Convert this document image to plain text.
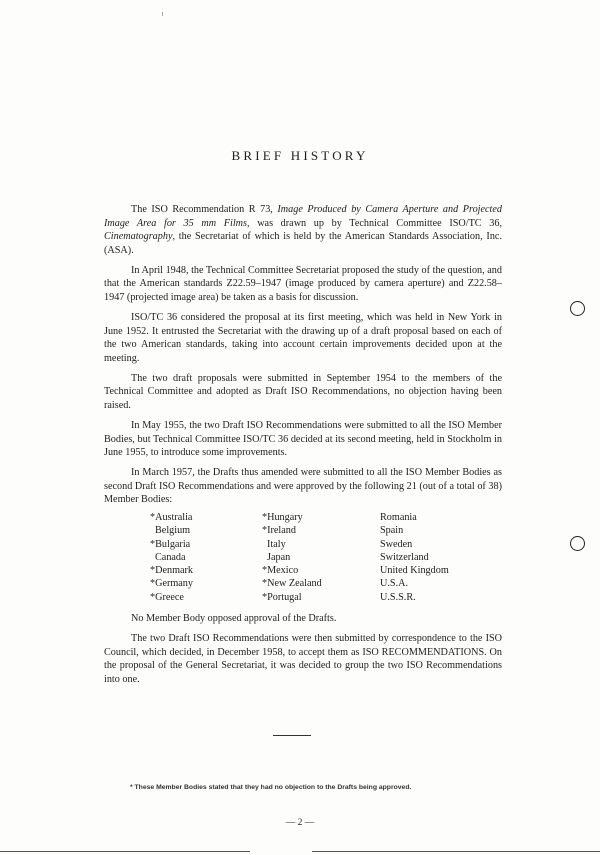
BRIEF HISTORY

The ISO Recommendation R 73, Image Produced by Camera Aperture and Projected Image Area for 35 mm Films, was drawn up by Technical Committee ISO/TC 36, Cinematography, the Secretariat of which is held by the American Standards Association, Inc. (ASA).

In April 1948, the Technical Committee Secretariat proposed the study of the question, and that the American standards Z22.59–1947 (image produced by camera aperture) and Z22.58–1947 (projected image area) be taken as a basis for discussion.

ISO/TC 36 considered the proposal at its first meeting, which was held in New York in June 1952. It entrusted the Secretariat with the drawing up of a draft proposal based on each of the two American standards, taking into account certain improvements decided upon at the meeting.

The two draft proposals were submitted in September 1954 to the members of the Technical Committee and adopted as Draft ISO Recommendations, no objection having been raised.

In May 1955, the two Draft ISO Recommendations were submitted to all the ISO Member Bodies, but Technical Committee ISO/TC 36 decided at its second meeting, held in Stockholm in June 1955, to introduce some improvements.

In March 1957, the Drafts thus amended were submitted to all the ISO Member Bodies as second Draft ISO Recommendations and were approved by the following 21 (out of a total of 38) Member Bodies:

*Australia	*Hungary	Romania
Belgium	*Ireland	Spain
*Bulgaria	Italy	Sweden
Canada	Japan	Switzerland
*Denmark	*Mexico	United Kingdom
*Germany	*New Zealand	U.S.A.
*Greece	*Portugal	U.S.S.R.

No Member Body opposed approval of the Drafts.

The two Draft ISO Recommendations were then submitted by correspondence to the ISO Council, which decided, in December 1958, to accept them as ISO RECOMMENDATIONS. On the proposal of the General Secretariat, it was decided to group the two ISO Recommendations into one.

* These Member Bodies stated that they had no objection to the Drafts being approved.
— 2 —
